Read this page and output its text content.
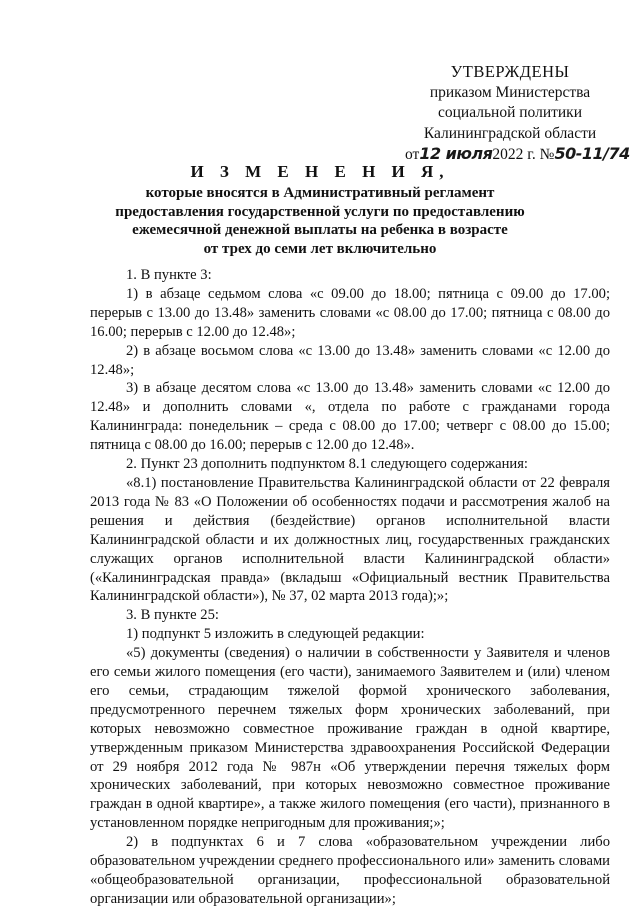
УТВЕРЖДЕНЫ
приказом Министерства
социальной политики
Калининградской области
от12 июля2022 г. №50-11/74
И З М Е Н Е Н И Я,
которые вносятся в Административный регламент
предоставления государственной услуги по предоставлению
ежемесячной денежной выплаты на ребенка в возрасте
от трех до семи лет включительно

1. В пункте 3:

1) в абзаце седьмом слова «с 09.00 до 18.00; пятница с 09.00 до 17.00; перерыв с 13.00 до 13.48» заменить словами «с 08.00 до 17.00; пятница с 08.00 до 16.00; перерыв с 12.00 до 12.48»;

2) в абзаце восьмом слова «с 13.00 до 13.48» заменить словами «с 12.00 до 12.48»;

3) в абзаце десятом слова «с 13.00 до 13.48» заменить словами «с 12.00 до 12.48» и дополнить словами «, отдела по работе с гражданами города Калининграда: понедельник – среда с 08.00 до 17.00; четверг с 08.00 до 15.00; пятница с 08.00 до 16.00; перерыв с 12.00 до 12.48».

2. Пункт 23 дополнить подпунктом 8.1 следующего содержания:

«8.1) постановление Правительства Калининградской области от 22 февраля 2013 года № 83 «О Положении об особенностях подачи и рассмотрения жалоб на решения и действия (бездействие) органов исполнительной власти Калининградской области и их должностных лиц, государственных гражданских служащих органов исполнительной власти Калининградской области» («Калининградская правда» (вкладыш «Официальный вестник Правительства Калининградской области»), № 37, 02 марта 2013 года);»;

3. В пункте 25:

1) подпункт 5 изложить в следующей редакции:

«5) документы (сведения) о наличии в собственности у Заявителя и членов его семьи жилого помещения (его части), занимаемого Заявителем и (или) членом его семьи, страдающим тяжелой формой хронического заболевания, предусмотренного перечнем тяжелых форм хронических заболеваний, при которых невозможно совместное проживание граждан в одной квартире, утвержденным приказом Министерства здравоохранения Российской Федерации от 29 ноября 2012 года № 987н «Об утверждении перечня тяжелых форм хронических заболеваний, при которых невозможно совместное проживание граждан в одной квартире», а также жилого помещения (его части), признанного в установленном порядке непригодным для проживания;»;

2) в подпунктах 6 и 7 слова «образовательном учреждении либо образовательном учреждении среднего профессионального или» заменить словами «общеобразовательной организации, профессиональной образовательной организации или образовательной организации»;
